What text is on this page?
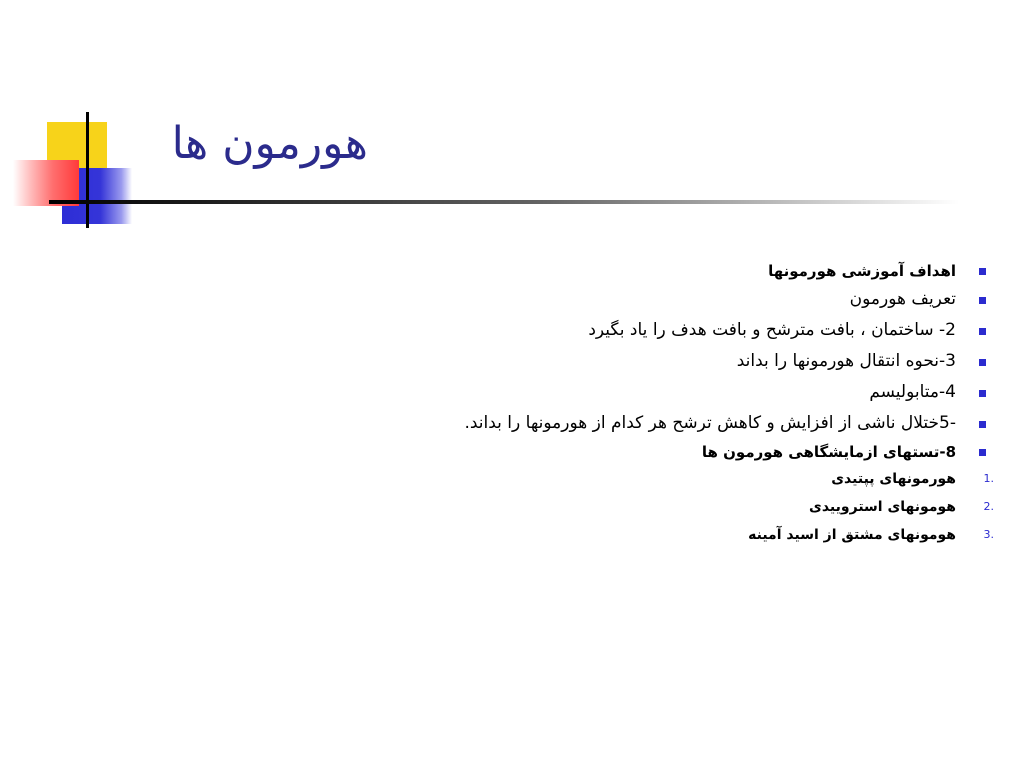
هورمون ها
اهداف آموزشی هورمونها
تعریف هورمون
2- ساختمان ، بافت مترشح و بافت هدف را یاد بگیرد
3-نحوه انتقال هورمونها را بداند
4-متابولیسم
-5ختلال ناشی از افزایش و کاهش ترشح هر کدام از هورمونها را بداند.
8-تستهای ازمایشگاهی هورمون ها
1.
هورمونهای پپتیدی
2.
هومونهای استروییدی
3.
هومونهای مشتق از اسید آمینه
